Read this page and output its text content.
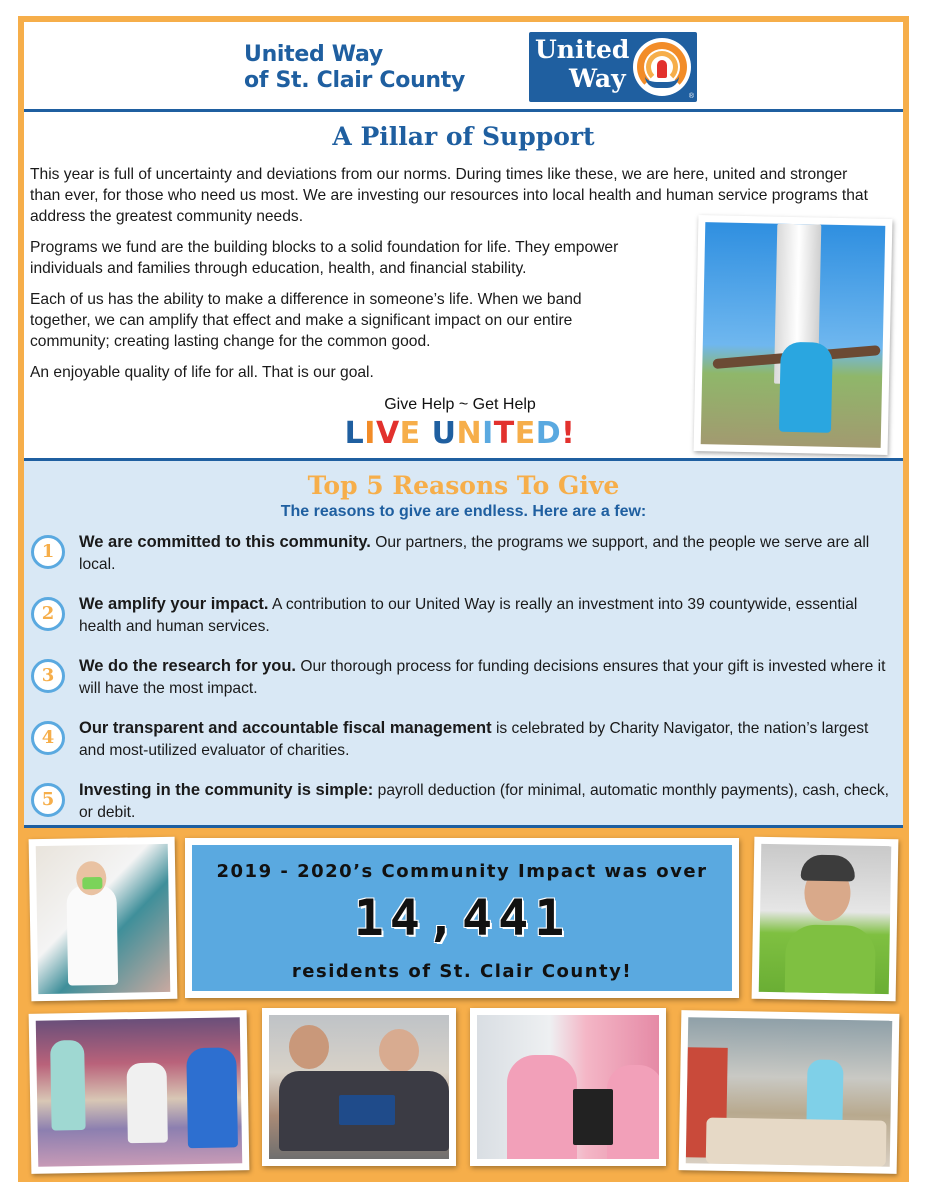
United Way
of St. Clair County
United
Way
®
A Pillar of Support

This year is full of uncertainty and deviations from our norms. During times like these, we are here, united and stronger than ever, for those who need us most. We are investing our resources into local health and human service programs that address the greatest community needs.

Programs we fund are the building blocks to a solid foundation for life. They empower individuals and families through education, health, and financial stability.

Each of us has the ability to make a difference in someone’s life. When we band together, we can amplify that effect and make a significant impact on our entire community; creating lasting change for the common good.

An enjoyable quality of life for all. That is our goal.

Give Help ~ Get Help
LIVE UNITED!
Top 5 Reasons To Give
The reasons to give are endless. Here are a few:
1	We are committed to this community. Our partners, the programs we support, and the people we serve are all local.
2	We amplify your impact. A contribution to our United Way is really an investment into 39 countywide, essential health and human services.
3	We do the research for you. Our thorough process for funding decisions ensures that your gift is invested where it will have the most impact.
4	Our transparent and accountable fiscal management is celebrated by Charity Navigator, the nation’s largest and most-utilized evaluator of charities.
5	Investing in the community is simple: payroll deduction (for minimal, automatic monthly payments), cash, check, or debit.
2019 - 2020’s Community Impact was over
14,441
residents of St. Clair County!
